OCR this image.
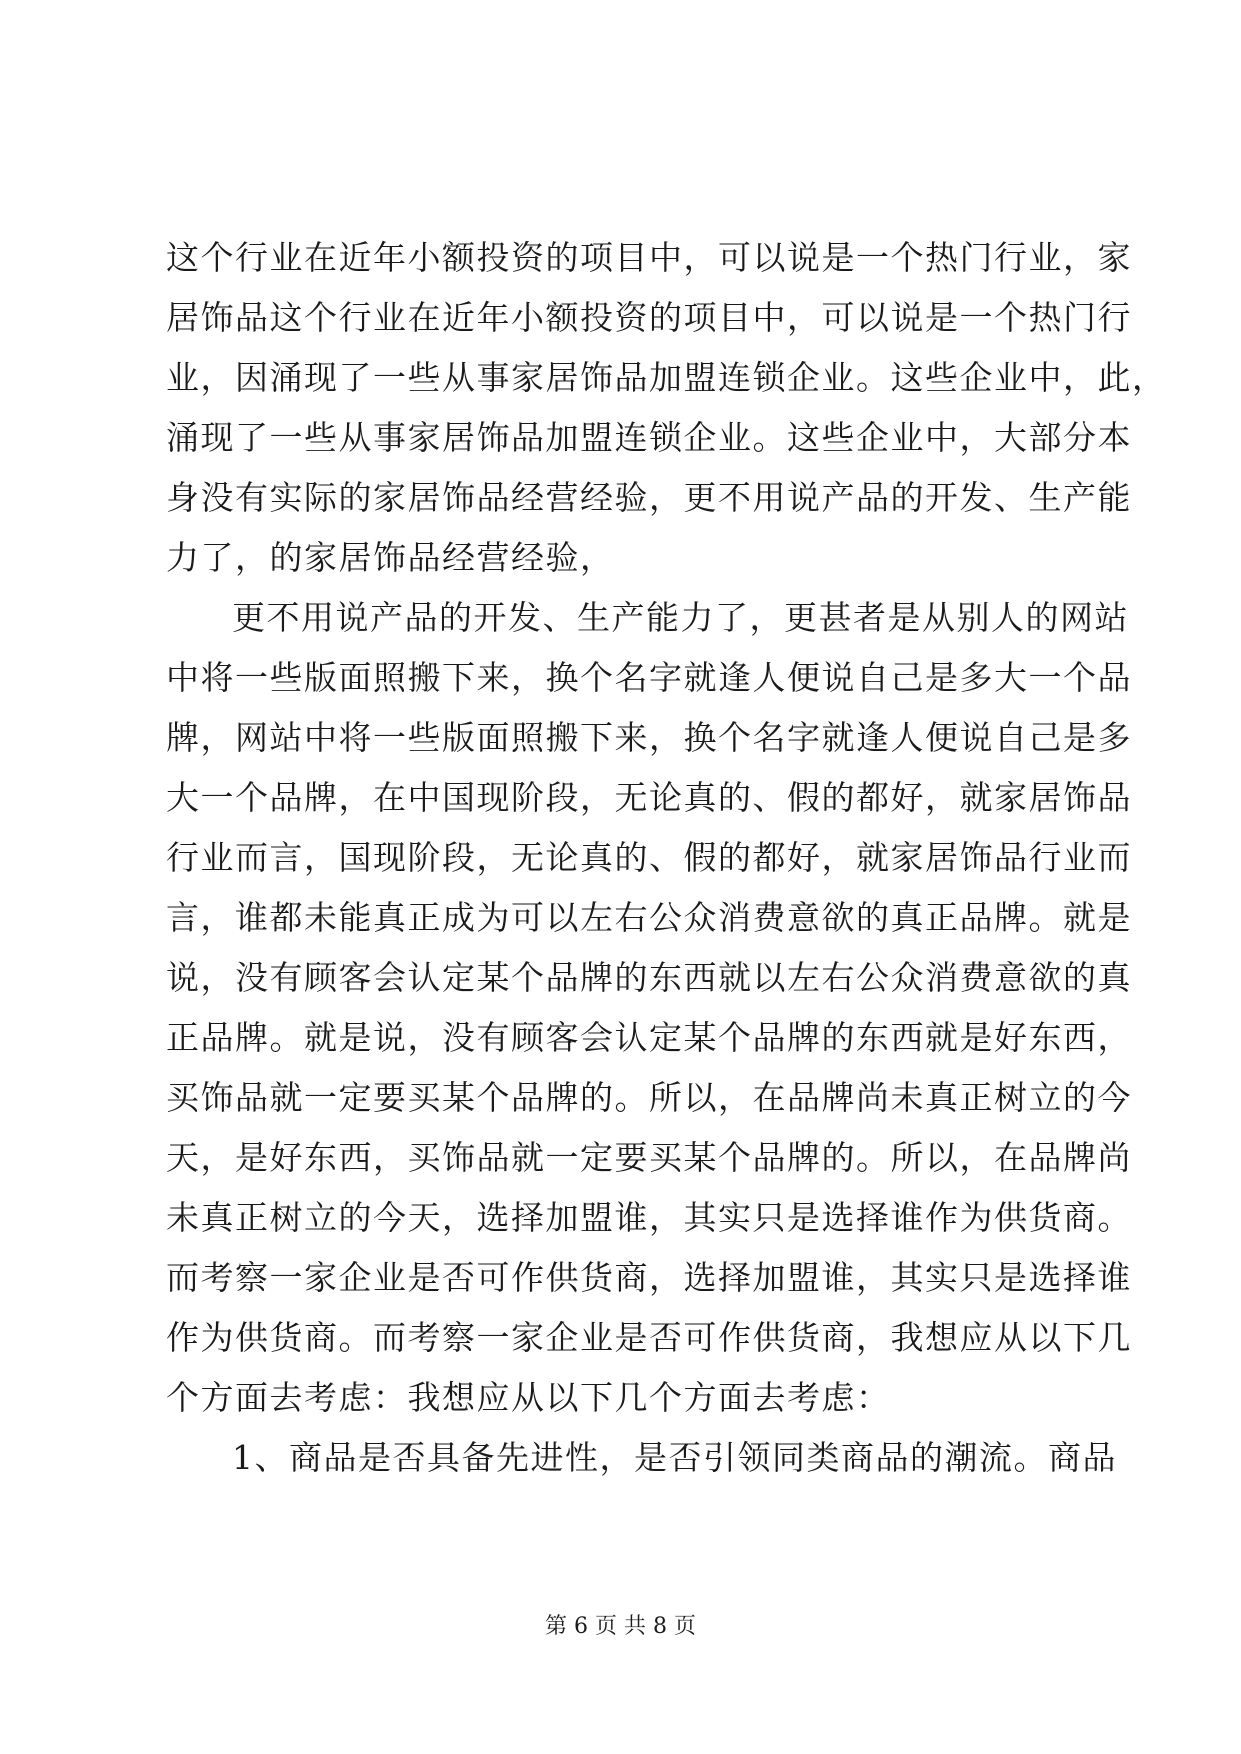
这个行业在近年小额投资的项目中，可以说是一个热门行业，家
居饰品这个行业在近年小额投资的项目中，可以说是一个热门行
业，因涌现了一些从事家居饰品加盟连锁企业。这些企业中，此，
涌现了一些从事家居饰品加盟连锁企业。这些企业中，大部分本
身没有实际的家居饰品经营经验，更不用说产品的开发、生产能
力了，的家居饰品经营经验，
更不用说产品的开发、生产能力了，更甚者是从别人的网站
中将一些版面照搬下来，换个名字就逢人便说自己是多大一个品
牌，网站中将一些版面照搬下来，换个名字就逢人便说自己是多
大一个品牌，在中国现阶段，无论真的、假的都好，就家居饰品
行业而言，国现阶段，无论真的、假的都好，就家居饰品行业而
言，谁都未能真正成为可以左右公众消费意欲的真正品牌。就是
说，没有顾客会认定某个品牌的东西就以左右公众消费意欲的真
正品牌。就是说，没有顾客会认定某个品牌的东西就是好东西，
买饰品就一定要买某个品牌的。所以，在品牌尚未真正树立的今
天，是好东西，买饰品就一定要买某个品牌的。所以，在品牌尚
未真正树立的今天，选择加盟谁，其实只是选择谁作为供货商。
而考察一家企业是否可作供货商，选择加盟谁，其实只是选择谁
作为供货商。而考察一家企业是否可作供货商，我想应从以下几
个方面去考虑：我想应从以下几个方面去考虑：
1、商品是否具备先进性，是否引领同类商品的潮流。商品
第 6 页 共 8 页
